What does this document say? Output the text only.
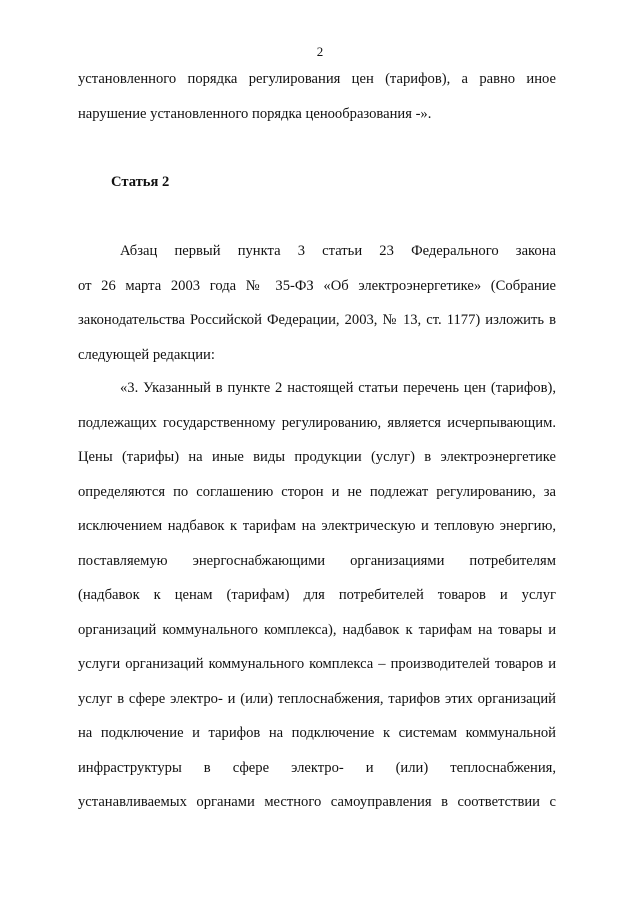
2
установленного порядка регулирования цен (тарифов), а равно иное
нарушение установленного порядка ценообразования -».
Статья 2
Абзац первый пункта 3 статьи 23 Федерального закона
от 26 марта 2003 года № 35-ФЗ «Об электроэнергетике» (Собрание
законодательства Российской Федерации, 2003, № 13, ст. 1177) изложить в
следующей редакции:
«3. Указанный в пункте 2 настоящей статьи перечень цен (тарифов),
подлежащих государственному регулированию, является исчерпывающим.
Цены (тарифы) на иные виды продукции (услуг) в электроэнергетике
определяются по соглашению сторон и не подлежат регулированию, за
исключением надбавок к тарифам на электрическую и тепловую энергию,
поставляемую энергоснабжающими организациями потребителям
(надбавок к ценам (тарифам) для потребителей товаров и услуг
организаций коммунального комплекса), надбавок к тарифам на товары и
услуги организаций коммунального комплекса – производителей товаров и
услуг в сфере электро- и (или) теплоснабжения, тарифов этих организаций
на подключение и тарифов на подключение к системам коммунальной
инфраструктуры в сфере электро- и (или) теплоснабжения,
устанавливаемых органами местного самоуправления в соответствии с
